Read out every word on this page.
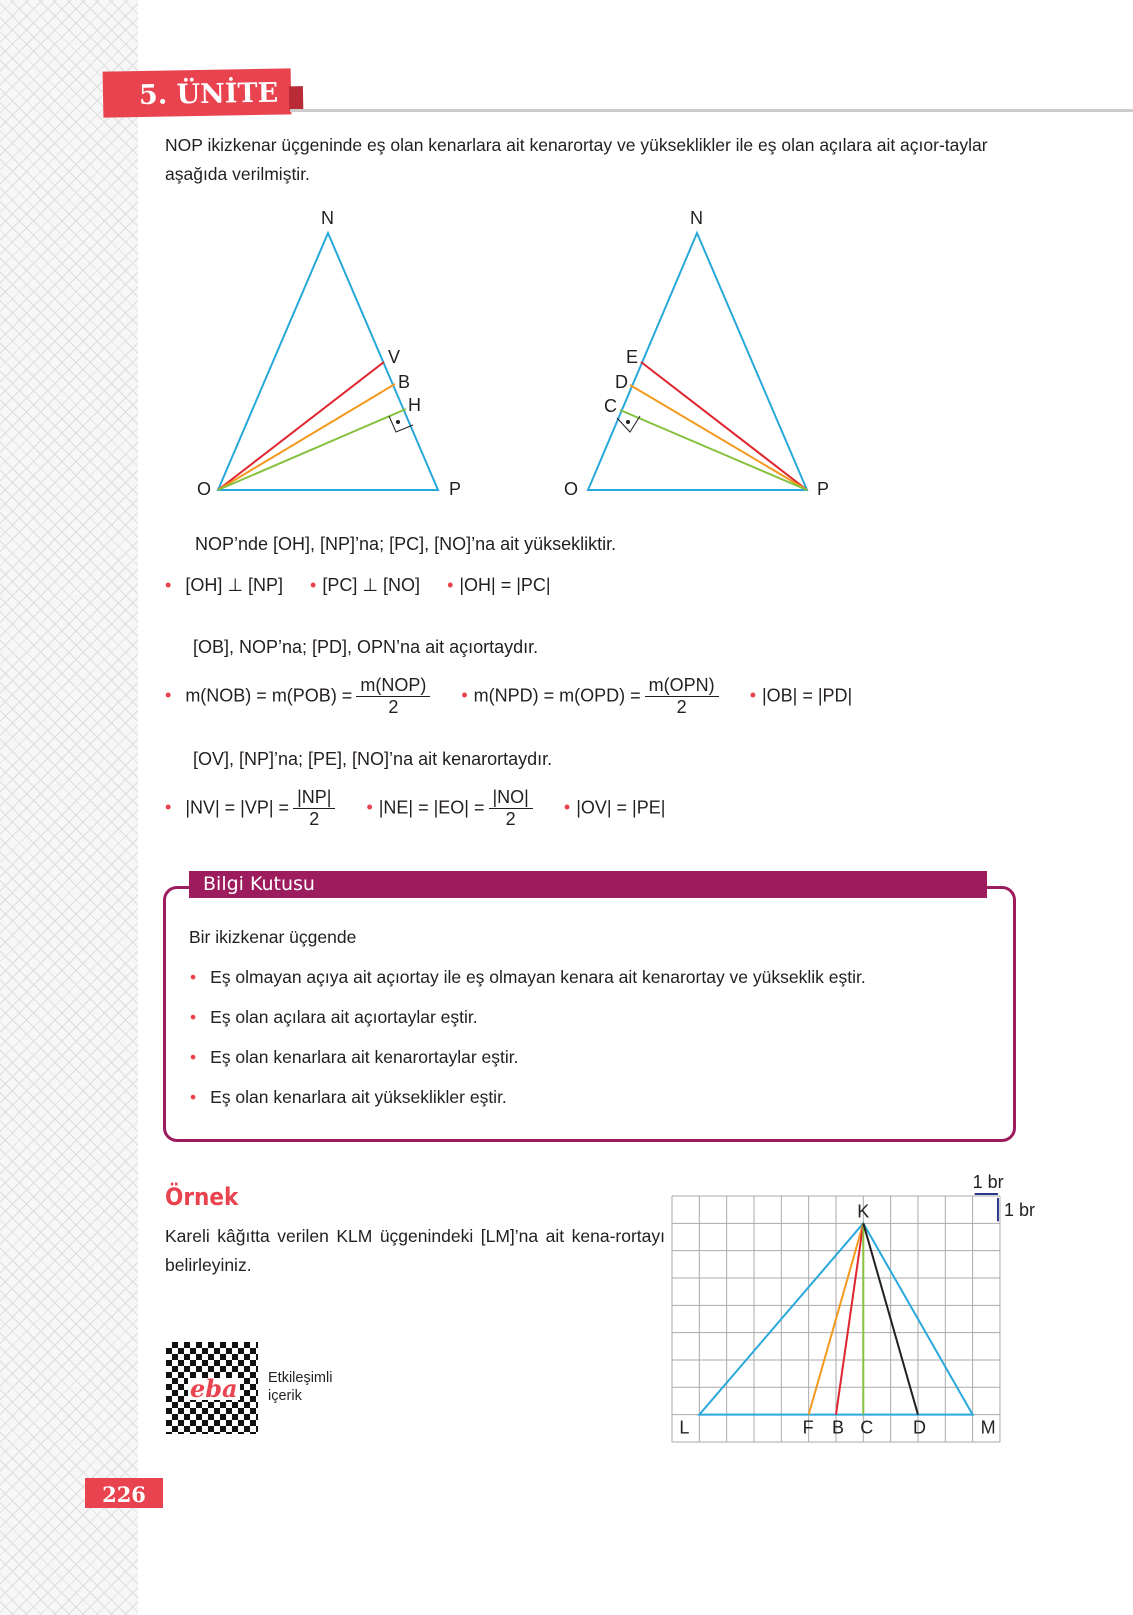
5. ÜNİTE
NOP ikizkenar üçgeninde eş olan kenarlara ait kenarortay ve yükseklikler ile eş olan açılara ait açıor-taylar aşağıda verilmiştir.
N
V
B
H
O	P
N
E
D
C
O	P
NOP’nde [OH], [NP]’na; [PC], [NO]’na ait yüksekliktir.
• [OH] ⊥ [NP] • [PC] ⊥ [NO] • |OH| = |PC|
[OB], NOP’na; [PD], OPN’na ait açıortaydır.
• $m(NOB) = m(POB) = \frac{\text{m(NOP)}}{2}$ • $m(NPD) = m(OPD) = \frac{\text{m(OPN)}}{2}$ • |OB| = |PD|
[OV], [NP]’na; [PE], [NO]’na ait kenarortaydır.
• $|NV| = |VP| = \frac{|NP|}{2}$ • $|NE| = |EO| = \frac{|NO|}{2}$ • |OV| = |PE|
Bilgi Kutusu
Bir ikizkenar üçgende
• Eş olmayan açıya ait açıortay ile eş olmayan kenara ait kenarortay ve yükseklik eştir.
• Eş olan açılara ait açıortaylar eştir.
• Eş olan kenarlara ait kenarortaylar eştir.
• Eş olan kenarlara ait yükseklikler eştir.
Örnek
Kareli kâğıtta verilen KLM üçgenindeki [LM]’na ait kena-rortayı belirleyiniz.
eba Etkileşimli
içerik
K
L	F B C D	M
1 br
1 br
226
